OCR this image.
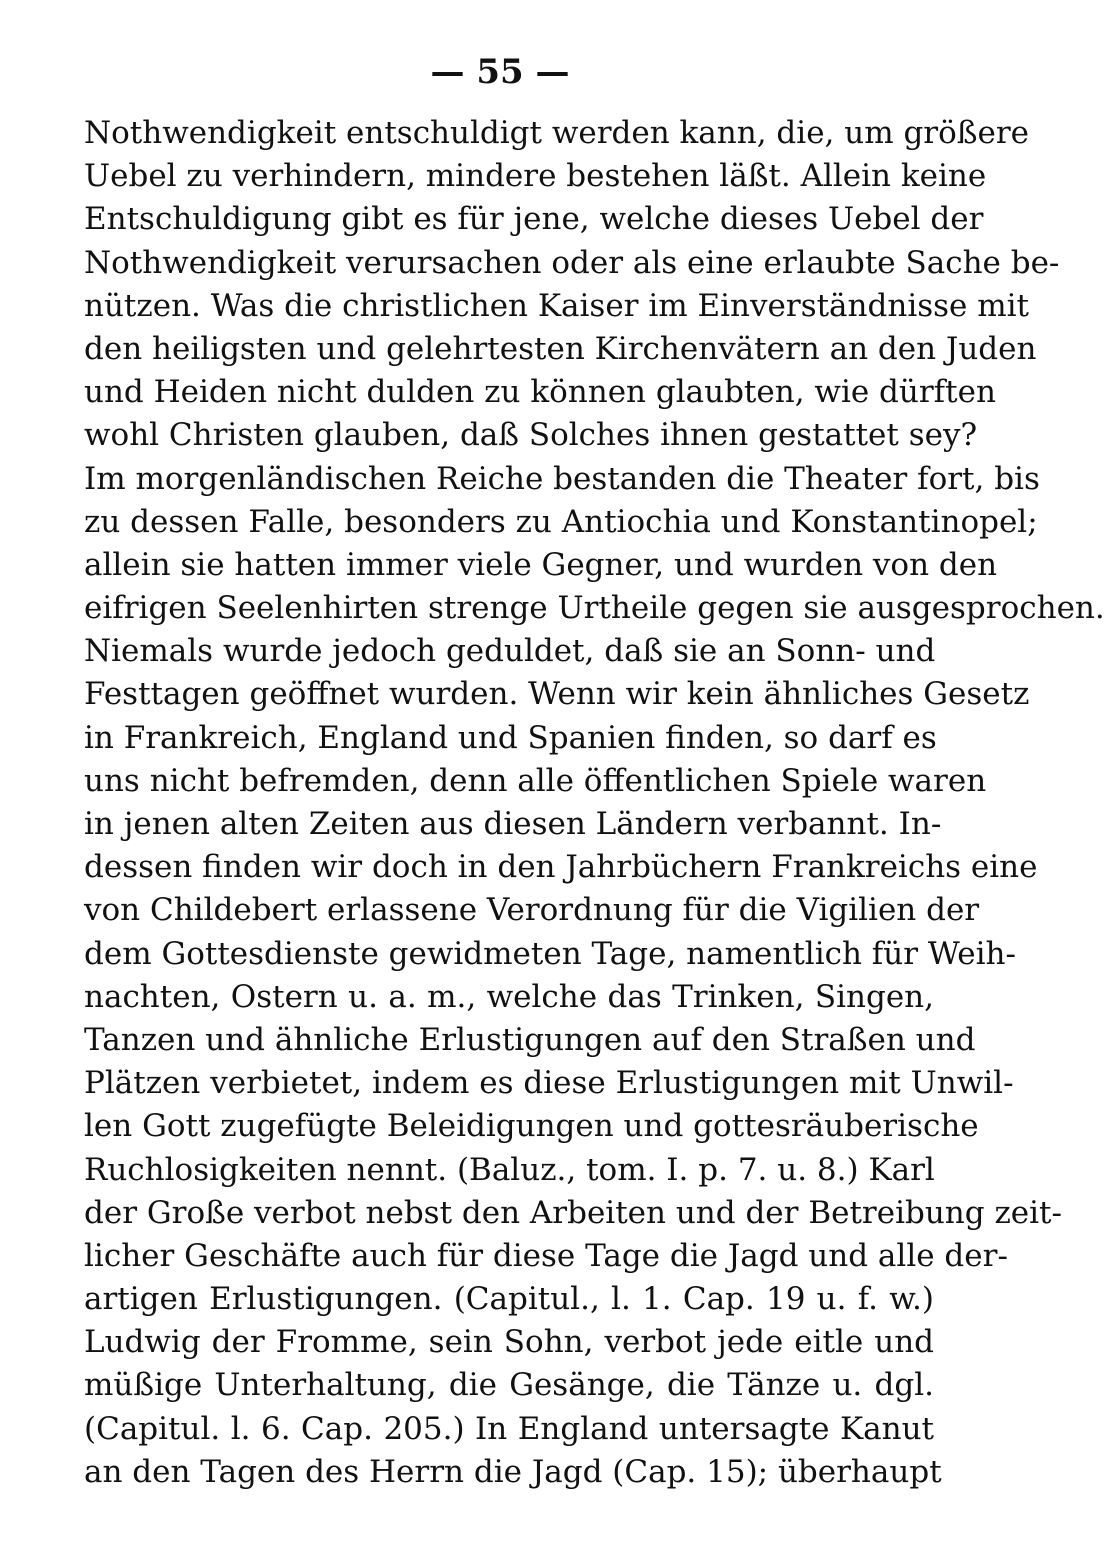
— 55 —
Nothwendigkeit entschuldigt werden kann, die, um größere
Uebel zu verhindern, mindere bestehen läßt. Allein keine
Entschuldigung gibt es für jene, welche dieses Uebel der
Nothwendigkeit verursachen oder als eine erlaubte Sache be-
nützen. Was die christlichen Kaiser im Einverständnisse mit
den heiligsten und gelehrtesten Kirchenvätern an den Juden
und Heiden nicht dulden zu können glaubten, wie dürften
wohl Christen glauben, daß Solches ihnen gestattet sey?
Im morgenländischen Reiche bestanden die Theater fort, bis
zu dessen Falle, besonders zu Antiochia und Konstantinopel;
allein sie hatten immer viele Gegner, und wurden von den
eifrigen Seelenhirten strenge Urtheile gegen sie ausgesprochen.
Niemals wurde jedoch geduldet, daß sie an Sonn- und
Festtagen geöffnet wurden. Wenn wir kein ähnliches Gesetz
in Frankreich, England und Spanien finden, so darf es
uns nicht befremden, denn alle öffentlichen Spiele waren
in jenen alten Zeiten aus diesen Ländern verbannt. In-
dessen finden wir doch in den Jahrbüchern Frankreichs eine
von Childebert erlassene Verordnung für die Vigilien der
dem Gottesdienste gewidmeten Tage, namentlich für Weih-
nachten, Ostern u. a. m., welche das Trinken, Singen,
Tanzen und ähnliche Erlustigungen auf den Straßen und
Plätzen verbietet, indem es diese Erlustigungen mit Unwil-
len Gott zugefügte Beleidigungen und gottesräuberische
Ruchlosigkeiten nennt. (Baluz., tom. I. p. 7. u. 8.) Karl
der Große verbot nebst den Arbeiten und der Betreibung zeit-
licher Geschäfte auch für diese Tage die Jagd und alle der-
artigen Erlustigungen. (Capitul., l. 1. Cap. 19 u. f. w.)
Ludwig der Fromme, sein Sohn, verbot jede eitle und
müßige Unterhaltung, die Gesänge, die Tänze u. dgl.
(Capitul. l. 6. Cap. 205.) In England untersagte Kanut
an den Tagen des Herrn die Jagd (Cap. 15); überhaupt
